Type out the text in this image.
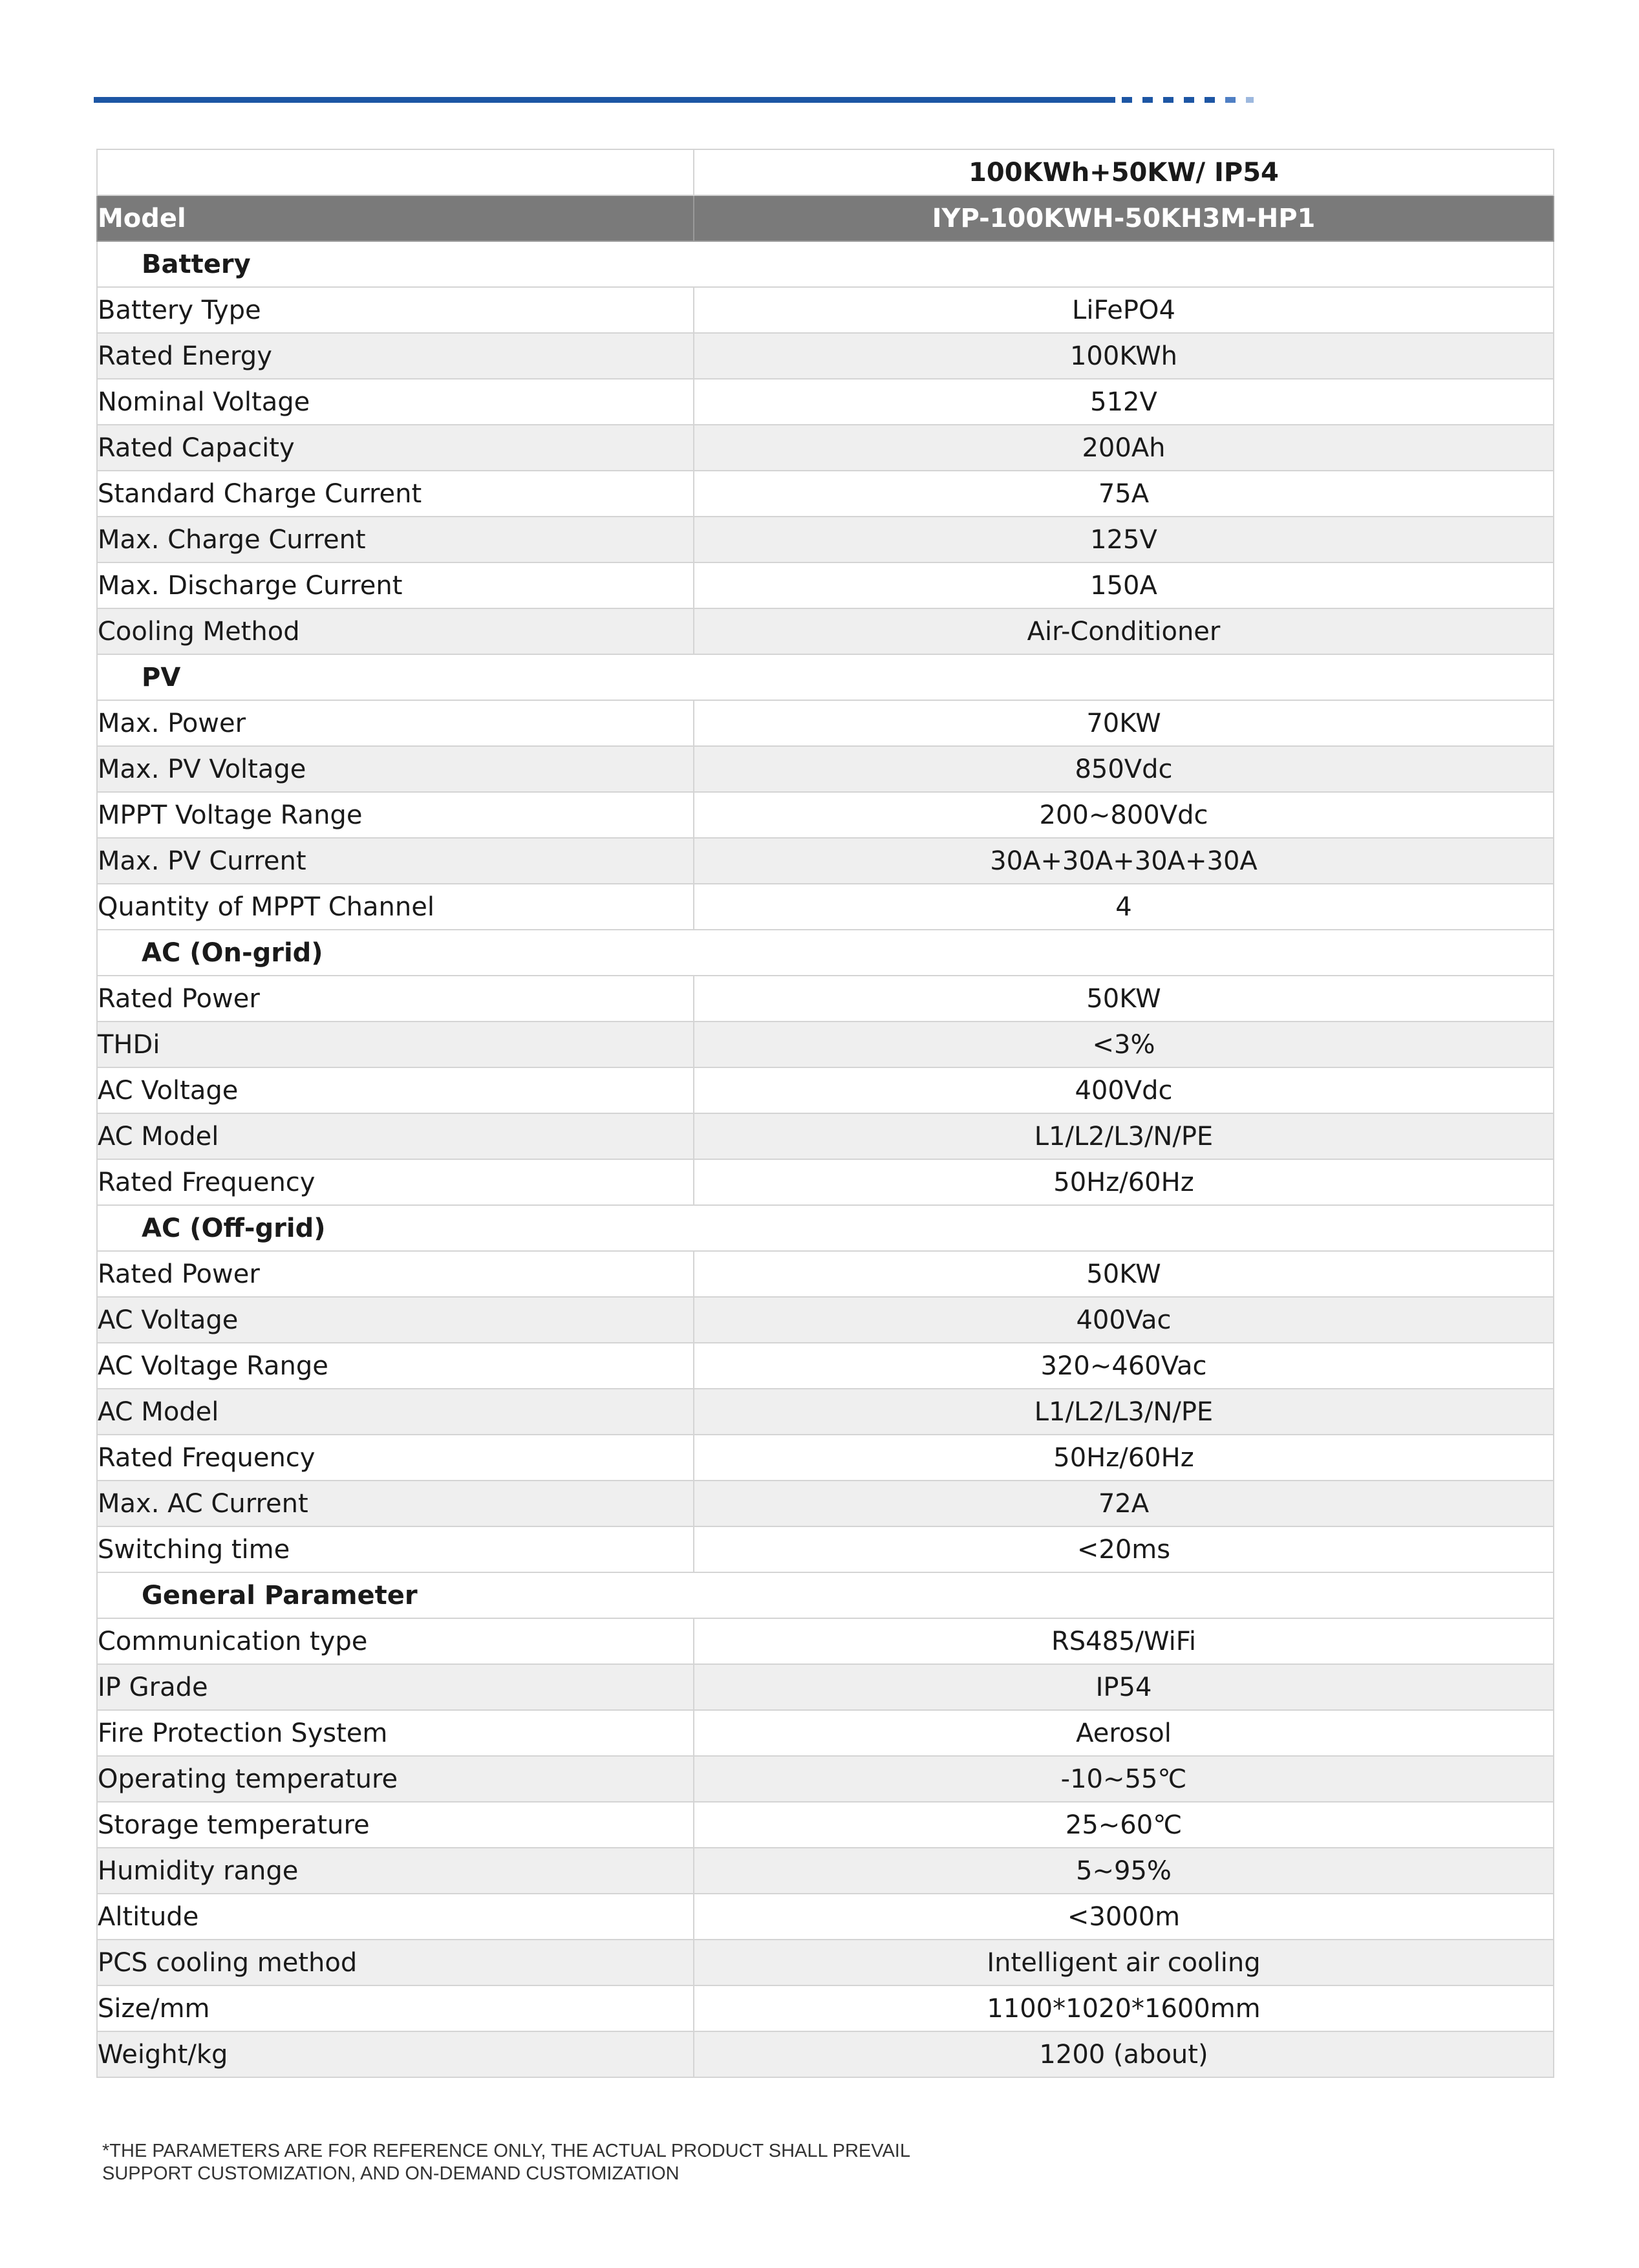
	100KWh+50KW/ IP54
Model	IYP-100KWH-50KH3M-HP1
Battery	
Battery Type	LiFePO4
Rated Energy	100KWh
Nominal Voltage	512V
Rated Capacity	200Ah
Standard Charge Current	75A
Max. Charge Current	125V
Max. Discharge Current	150A
Cooling Method	Air-Conditioner
PV	
Max. Power	70KW
Max. PV Voltage	850Vdc
MPPT Voltage Range	200~800Vdc
Max. PV Current	30A+30A+30A+30A
Quantity of MPPT Channel	4
AC (On-grid)	
Rated Power	50KW
THDi	<3%
AC Voltage	400Vdc
AC Model	L1/L2/L3/N/PE
Rated Frequency	50Hz/60Hz
AC (Off-grid)	
Rated Power	50KW
AC Voltage	400Vac
AC Voltage Range	320~460Vac
AC Model	L1/L2/L3/N/PE
Rated Frequency	50Hz/60Hz
Max. AC Current	72A
Switching time	<20ms
General Parameter	
Communication type	RS485/WiFi
IP Grade	IP54
Fire Protection System	Aerosol
Operating temperature	-10~55℃
Storage temperature	25~60℃
Humidity range	5~95%
Altitude	<3000m
PCS cooling method	Intelligent air cooling
Size/mm	1100*1020*1600mm
Weight/kg	1200 (about)
*THE PARAMETERS ARE FOR REFERENCE ONLY, THE ACTUAL PRODUCT SHALL PREVAIL
SUPPORT CUSTOMIZATION, AND ON-DEMAND CUSTOMIZATION
